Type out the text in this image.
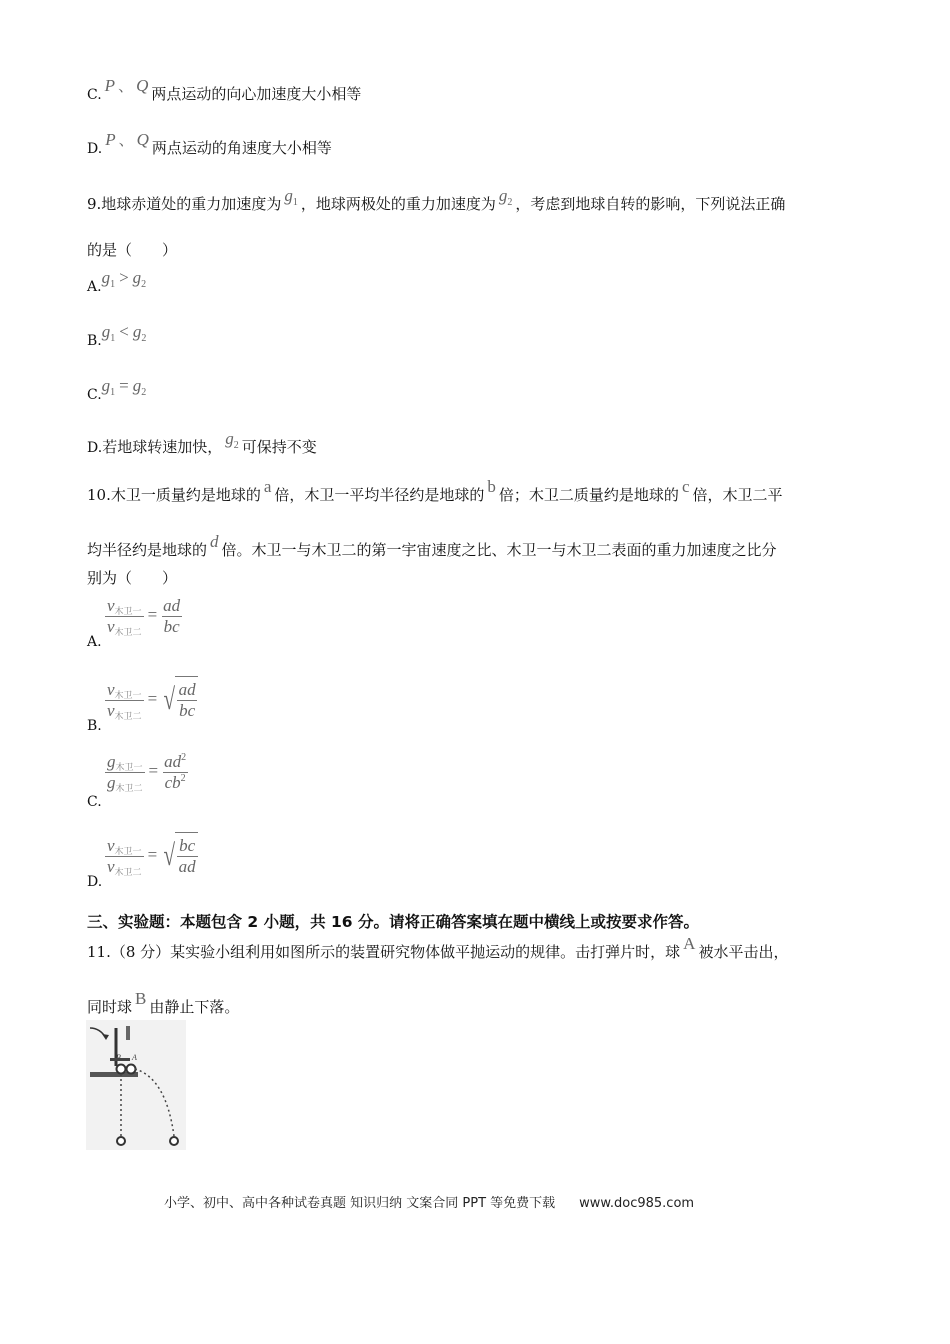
C. P 、 Q 两点运动的向心加速度大小相等
D. P 、 Q 两点运动的角速度大小相等
9.地球赤道处的重力加速度为 $g_1$ ，地球两极处的重力加速度为 $g_2$ ，考虑到地球自转的影响，下列说法正确
的是（　　）
$A.g_1 > g_2$
$B.g_1 < g_2$
$C.g_1 = g_2$
D.若地球转速加快， $g_2$ 可保持不变
10.木卫一质量约是地球的 a 倍，木卫一平均半径约是地球的 b 倍；木卫二质量约是地球的 c 倍，木卫二平
均半径约是地球的 d 倍。木卫一与木卫二的第一宇宙速度之比、木卫一与木卫二表面的重力加速度之比分
别为（　　）
A.
$\frac{\text{v木卫一}}{\text{v木卫二}} = \frac{ad}{bc}$
B.
$\frac{\text{v木卫一}}{\text{v木卫二}}$ = √ $\frac{ad}{bc}$
C.
$\frac{\text{g木卫一}}{\text{g木卫二}} = \frac{ad^2}{cb^2}$
D.
$\frac{\text{v木卫一}}{\text{v木卫二}}$ = √ $\frac{bc}{ad}$
三、实验题：本题包含 2 小题，共 16 分。请将正确答案填在题中横线上或按要求作答。
11.（8 分）某实验小组利用如图所示的装置研究物体做平抛运动的规律。击打弹片时，球 A 被水平击出，
同时球 B 由静止下落。
B A
小学、初中、高中各种试卷真题 知识归纳 文案合同 PPT 等免费下载 www.doc985.com
